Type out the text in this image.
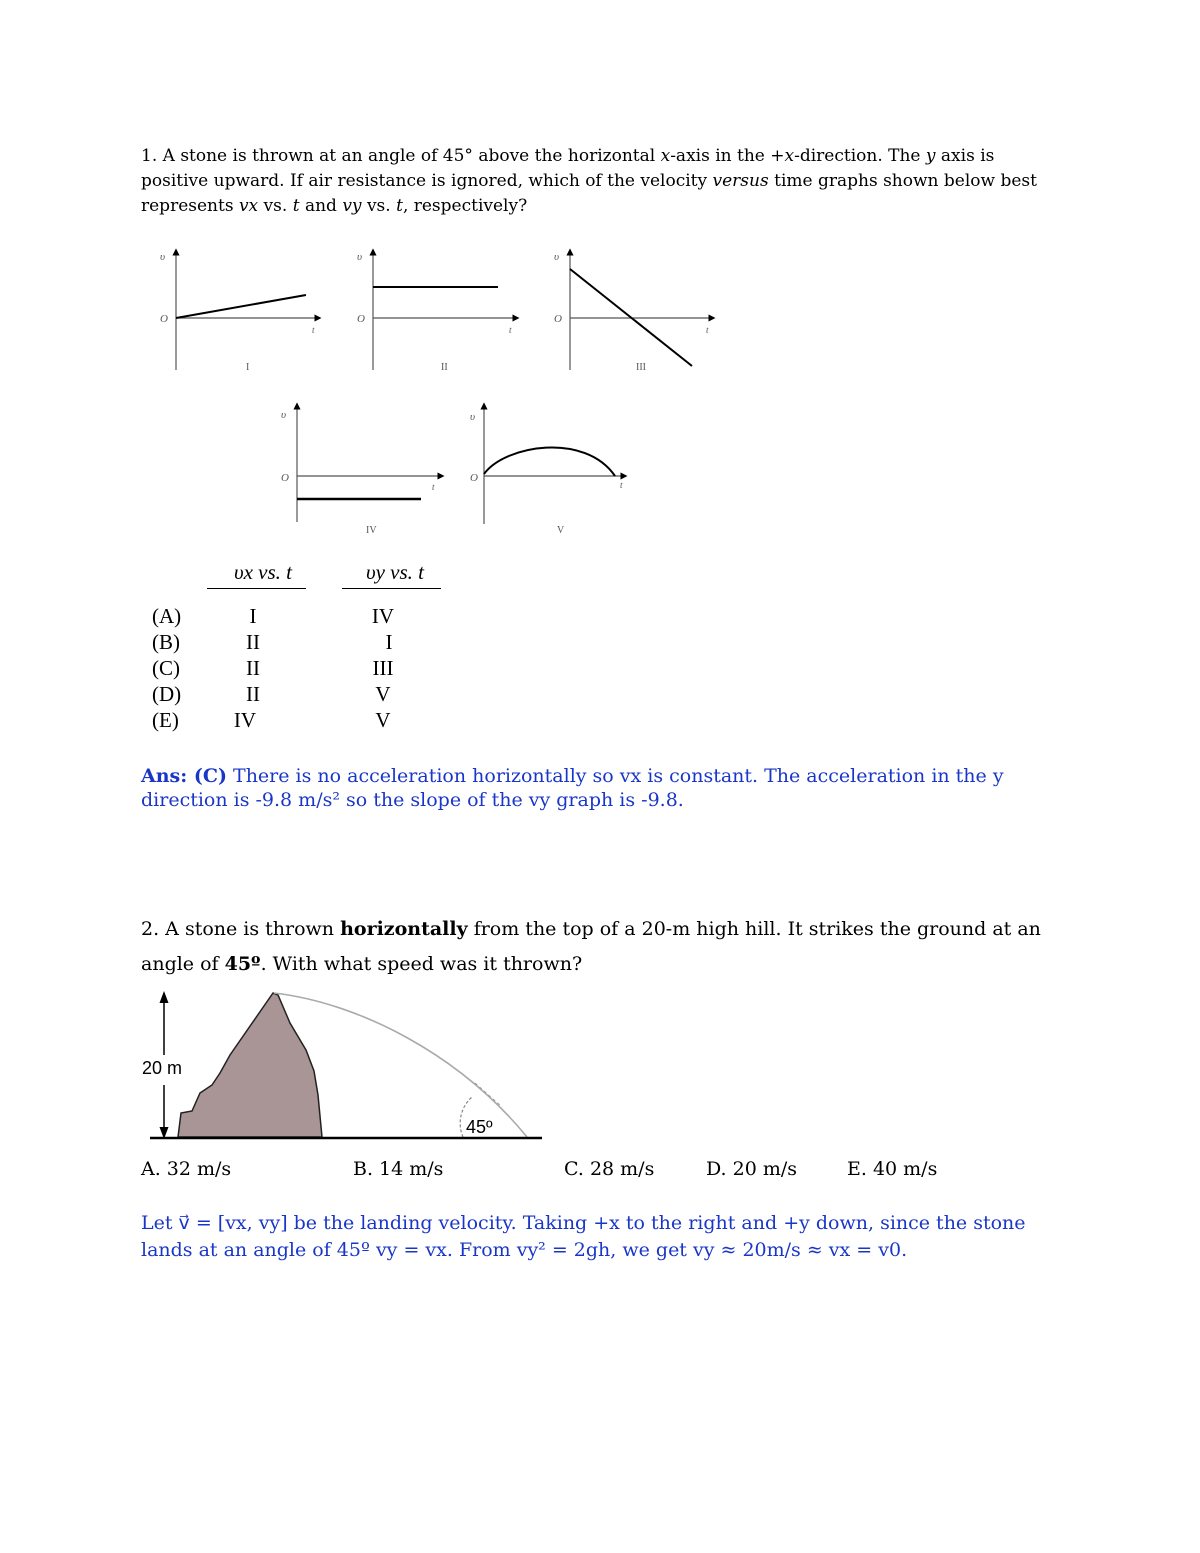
1. A stone is thrown at an angle of 45° above the horizontal x-axis in the +x-direction. The y axis is positive upward. If air resistance is ignored, which of the velocity versus time graphs shown below best represents vx vs. t and vy vs. t, respectively?
υ
O
t
I
υ
O
t
II
υ
O
t
III
υ
O
t
IV
υ
O
t
V
υx vs. t	υy vs. t
(A)	I	IV
(B)	II	I
(C)	II	III
(D)	II	V
(E)	IV	V
Ans: (C) There is no acceleration horizontally so vx is constant. The acceleration in the y direction is -9.8 m/s² so the slope of the vy graph is -9.8.
2. A stone is thrown horizontally from the top of a 20-m high hill. It strikes the ground at an angle of 45º. With what speed was it thrown?
20 m
45º
A. 32 m/s	B. 14 m/s	C. 28 m/s	D. 20 m/s	E. 40 m/s
Let v⃗ = [vx, vy] be the landing velocity. Taking +x to the right and +y down, since the stone
lands at an angle of 45º vy = vx. From vy² = 2gh, we get vy ≈ 20m/s ≈ vx = v0.
